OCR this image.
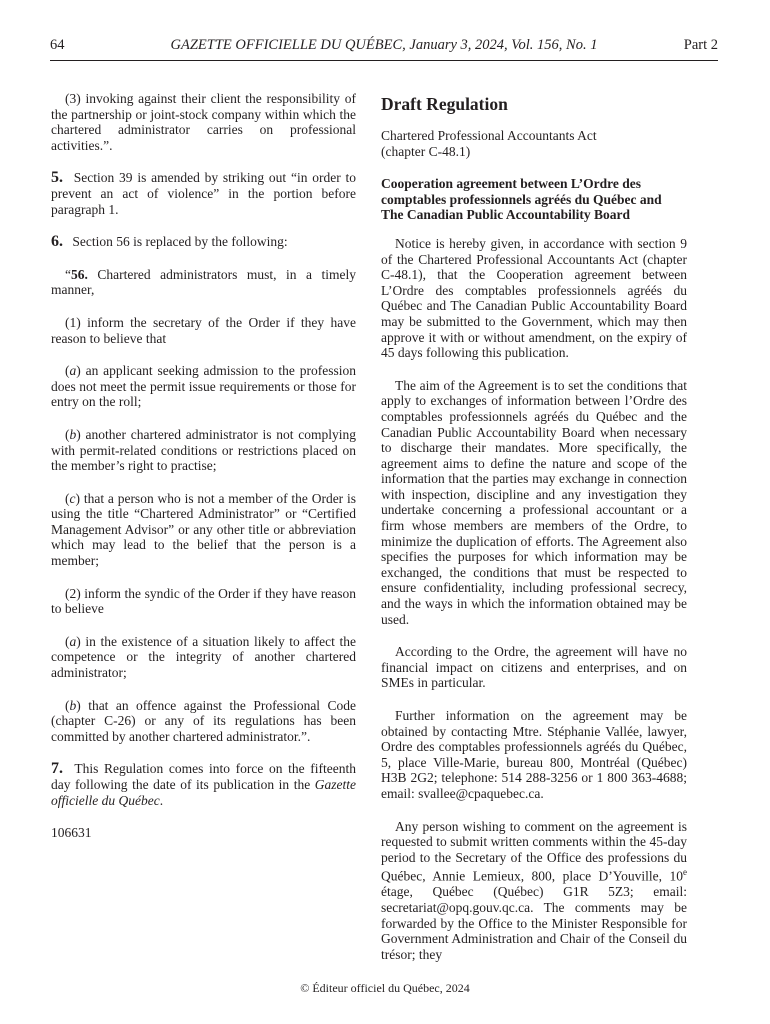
64	GAZETTE OFFICIELLE DU QUÉBEC, January 3, 2024, Vol. 156, No. 1	Part 2

(3) invoking against their client the responsibility of the partnership or joint-stock company within which the chartered administrator carries on professional activities.”.

5. Section 39 is amended by striking out “in order to prevent an act of violence” in the portion before paragraph 1.

6. Section 56 is replaced by the following:

“56. Chartered administrators must, in a timely manner,

(1) inform the secretary of the Order if they have reason to believe that

(a) an applicant seeking admission to the profession does not meet the permit issue requirements or those for entry on the roll;

(b) another chartered administrator is not complying with permit-related conditions or restrictions placed on the member’s right to practise;

(c) that a person who is not a member of the Order is using the title “Chartered Administrator” or “Certified Management Advisor” or any other title or abbreviation which may lead to the belief that the person is a member;

(2) inform the syndic of the Order if they have reason to believe

(a) in the existence of a situation likely to affect the competence or the integrity of another chartered administrator;

(b) that an offence against the Professional Code (chapter C-26) or any of its regulations has been committed by another chartered administrator.”.

7. This Regulation comes into force on the fifteenth day following the date of its publication in the Gazette officielle du Québec.

106631

Draft Regulation

Chartered Professional Accountants Act
(chapter C-48.1)

Cooperation agreement between L’Ordre des comptables professionnels agréés du Québec and The Canadian Public Accountability Board

Notice is hereby given, in accordance with section 9 of the Chartered Professional Accountants Act (chapter C-48.1), that the Cooperation agreement between L’Ordre des comptables professionnels agréés du Québec and The Canadian Public Accountability Board may be submitted to the Government, which may then approve it with or without amendment, on the expiry of 45 days following this publication.

The aim of the Agreement is to set the conditions that apply to exchanges of information between l’Ordre des comptables professionnels agréés du Québec and the Canadian Public Accountability Board when necessary to discharge their mandates. More specifically, the agreement aims to define the nature and scope of the information that the parties may exchange in connection with inspection, discipline and any investigation they undertake concerning a professional accountant or a firm whose members are members of the Ordre, to minimize the duplication of efforts. The Agreement also specifies the purposes for which information may be exchanged, the conditions that must be respected to ensure confidentiality, including professional secrecy, and the ways in which the information obtained may be used.

According to the Ordre, the agreement will have no financial impact on citizens and enterprises, and on SMEs in particular.

Further information on the agreement may be obtained by contacting Mtre. Stéphanie Vallée, lawyer, Ordre des comptables professionnels agréés du Québec, 5, place Ville-Marie, bureau 800, Montréal (Québec) H3B 2G2; telephone: 514 288-3256 or 1 800 363-4688; email: svallee@cpaquebec.ca.

Any person wishing to comment on the agreement is requested to submit written comments within the 45-day period to the Secretary of the Office des professions du Québec, Annie Lemieux, 800, place D’Youville, 10e étage, Québec (Québec) G1R 5Z3; email: secretariat@opq.gouv.qc.ca. The comments may be forwarded by the Office to the Minister Responsible for Government Administration and Chair of the Conseil du trésor; they

© Éditeur officiel du Québec, 2024
